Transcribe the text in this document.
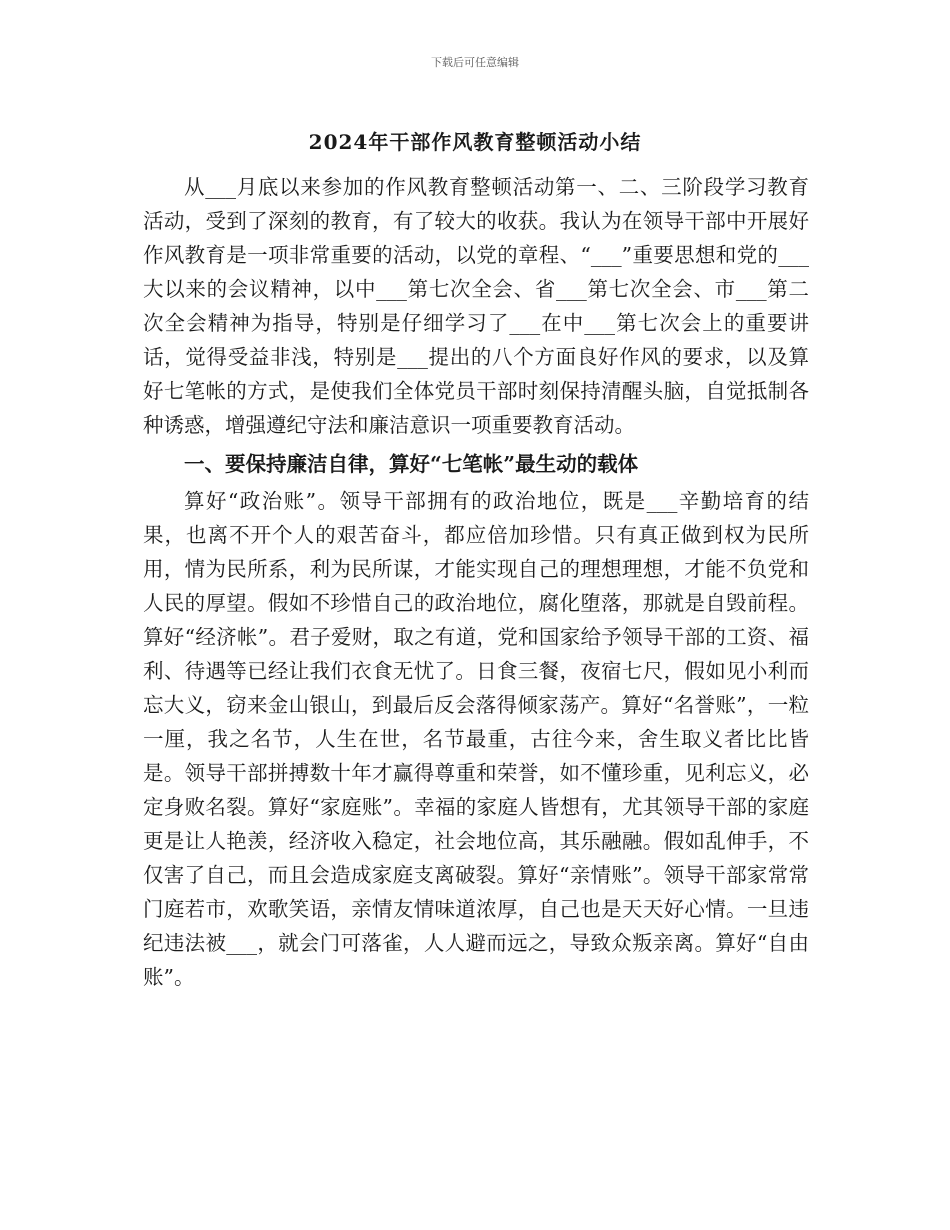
下载后可任意编辑
2024年干部作风教育整顿活动小结

从___月底以来参加的作风教育整顿活动第一、二、三阶段学习教育活动，受到了深刻的教育，有了较大的收获。我认为在领导干部中开展好作风教育是一项非常重要的活动，以党的章程、“___”重要思想和党的___大以来的会议精神，以中___第七次全会、省___第七次全会、市___第二次全会精神为指导，特别是仔细学习了___在中___第七次会上的重要讲话，觉得受益非浅，特别是___提出的八个方面良好作风的要求，以及算好七笔帐的方式，是使我们全体党员干部时刻保持清醒头脑，自觉抵制各种诱惑，增强遵纪守法和廉洁意识一项重要教育活动。

一、要保持廉洁自律，算好“七笔帐”最生动的载体

算好“政治账”。领导干部拥有的政治地位，既是___辛勤培育的结果，也离不开个人的艰苦奋斗，都应倍加珍惜。只有真正做到权为民所用，情为民所系，利为民所谋，才能实现自己的理想理想，才能不负党和人民的厚望。假如不珍惜自己的政治地位，腐化堕落，那就是自毁前程。算好“经济帐”。君子爱财，取之有道，党和国家给予领导干部的工资、福利、待遇等已经让我们衣食无忧了。日食三餐，夜宿七尺，假如见小利而忘大义，窃来金山银山，到最后反会落得倾家荡产。算好“名誉账”，一粒一厘，我之名节，人生在世，名节最重，古往今来，舍生取义者比比皆是。领导干部拼搏数十年才赢得尊重和荣誉，如不懂珍重，见利忘义，必定身败名裂。算好“家庭账”。幸福的家庭人皆想有，尤其领导干部的家庭更是让人艳羡，经济收入稳定，社会地位高，其乐融融。假如乱伸手，不仅害了自己，而且会造成家庭支离破裂。算好“亲情账”。领导干部家常常门庭若市，欢歌笑语，亲情友情味道浓厚，自己也是天天好心情。一旦违纪违法被___，就会门可落雀，人人避而远之，导致众叛亲离。算好“自由账”。
